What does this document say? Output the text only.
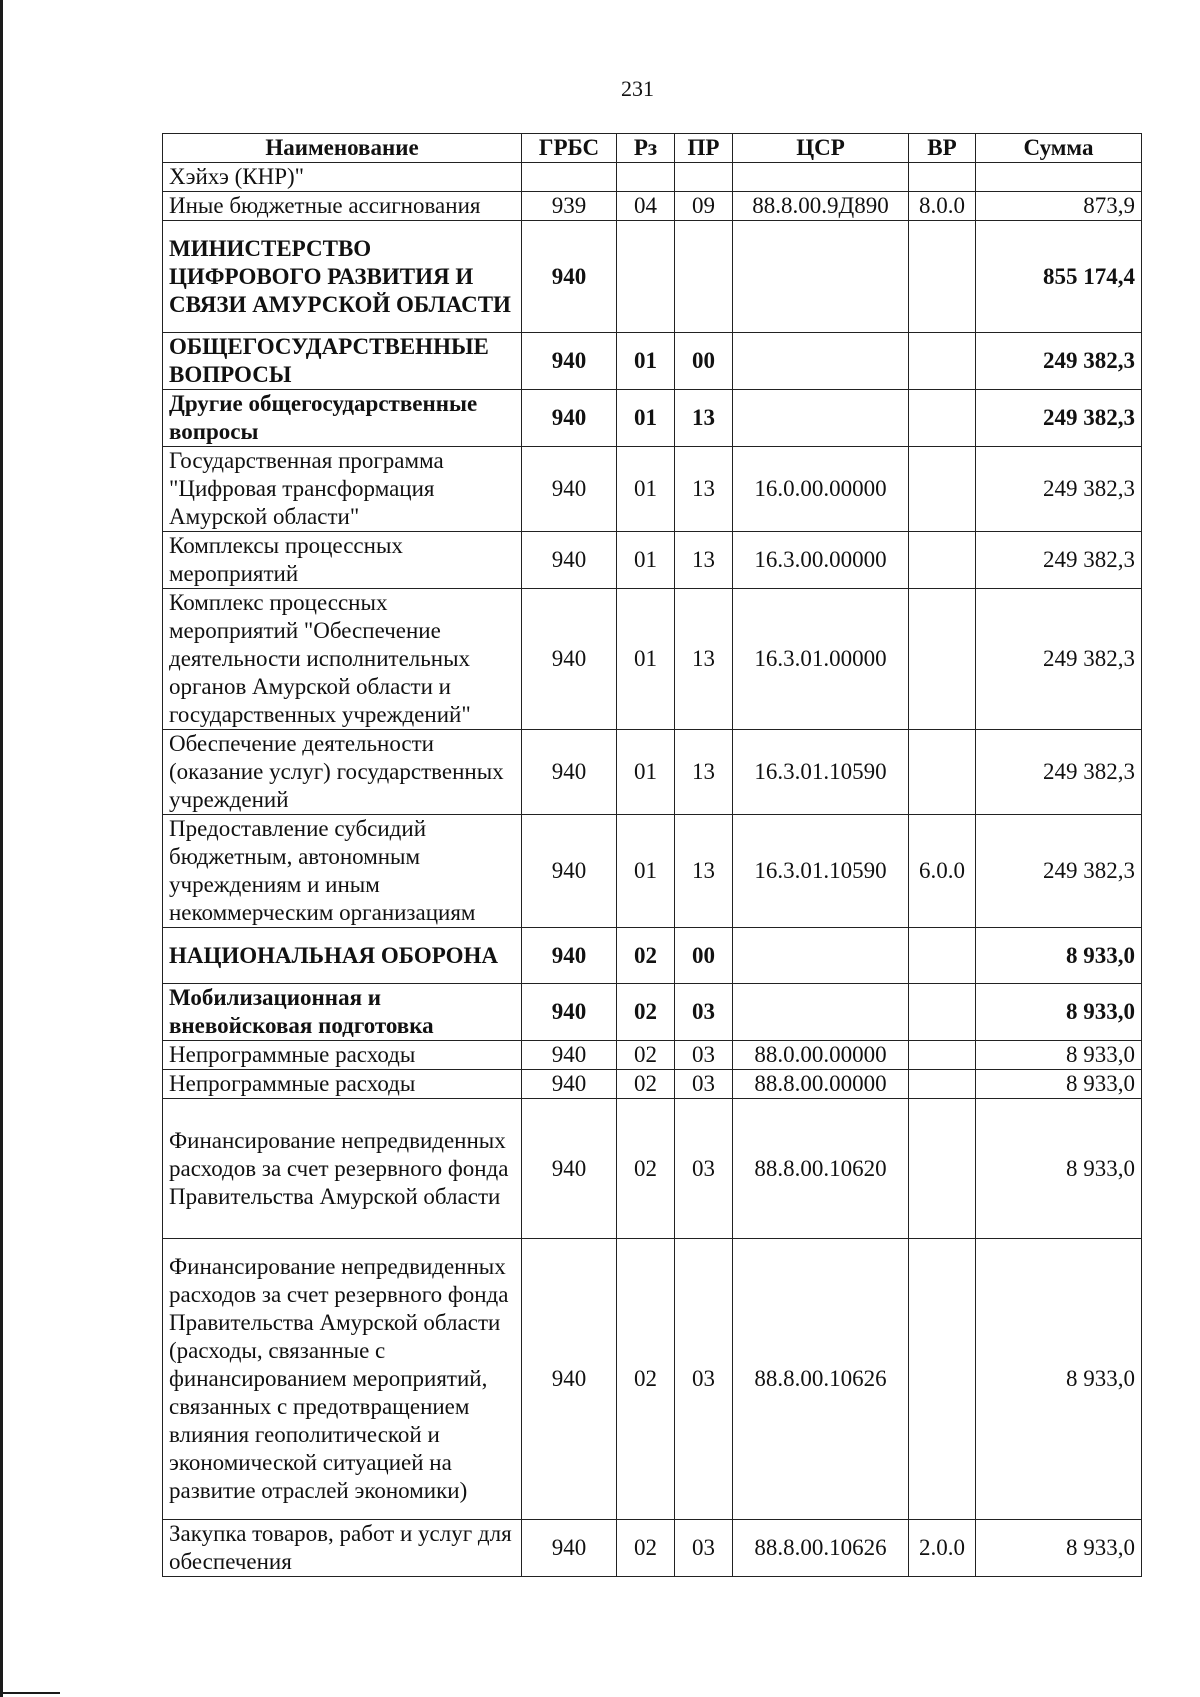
231
Наименование	ГРБС	Рз	ПР	ЦСР	ВР	Сумма
Хэйхэ (КНР)"						
Иные бюджетные ассигнования	939	04	09	88.8.00.9Д890	8.0.0	873,9
МИНИСТЕРСТВО ЦИФРОВОГО РАЗВИТИЯ И СВЯЗИ АМУРСКОЙ ОБЛАСТИ	940					855 174,4
ОБЩЕГОСУДАРСТВЕННЫЕ ВОПРОСЫ	940	01	00			249 382,3
Другие общегосударственные вопросы	940	01	13			249 382,3
Государственная программа "Цифровая трансформация Амурской области"	940	01	13	16.0.00.00000		249 382,3
Комплексы процессных мероприятий	940	01	13	16.3.00.00000		249 382,3
Комплекс процессных мероприятий "Обеспечение деятельности исполнительных органов Амурской области и государственных учреждений"	940	01	13	16.3.01.00000		249 382,3
Обеспечение деятельности (оказание услуг) государственных учреждений	940	01	13	16.3.01.10590		249 382,3
Предоставление субсидий бюджетным, автономным учреждениям и иным некоммерческим организациям	940	01	13	16.3.01.10590	6.0.0	249 382,3
НАЦИОНАЛЬНАЯ ОБОРОНА	940	02	00			8 933,0
Мобилизационная и вневойсковая подготовка	940	02	03			8 933,0
Непрограммные расходы	940	02	03	88.0.00.00000		8 933,0
Непрограммные расходы	940	02	03	88.8.00.00000		8 933,0
Финансирование непредвиденных расходов за счет резервного фонда Правительства Амурской области	940	02	03	88.8.00.10620		8 933,0
Финансирование непредвиденных расходов за счет резервного фонда Правительства Амурской области (расходы, связанные с финансированием мероприятий, связанных с предотвращением влияния геополитической и экономической ситуацией на развитие отраслей экономики)	940	02	03	88.8.00.10626		8 933,0
Закупка товаров, работ и услуг для обеспечения	940	02	03	88.8.00.10626	2.0.0	8 933,0
